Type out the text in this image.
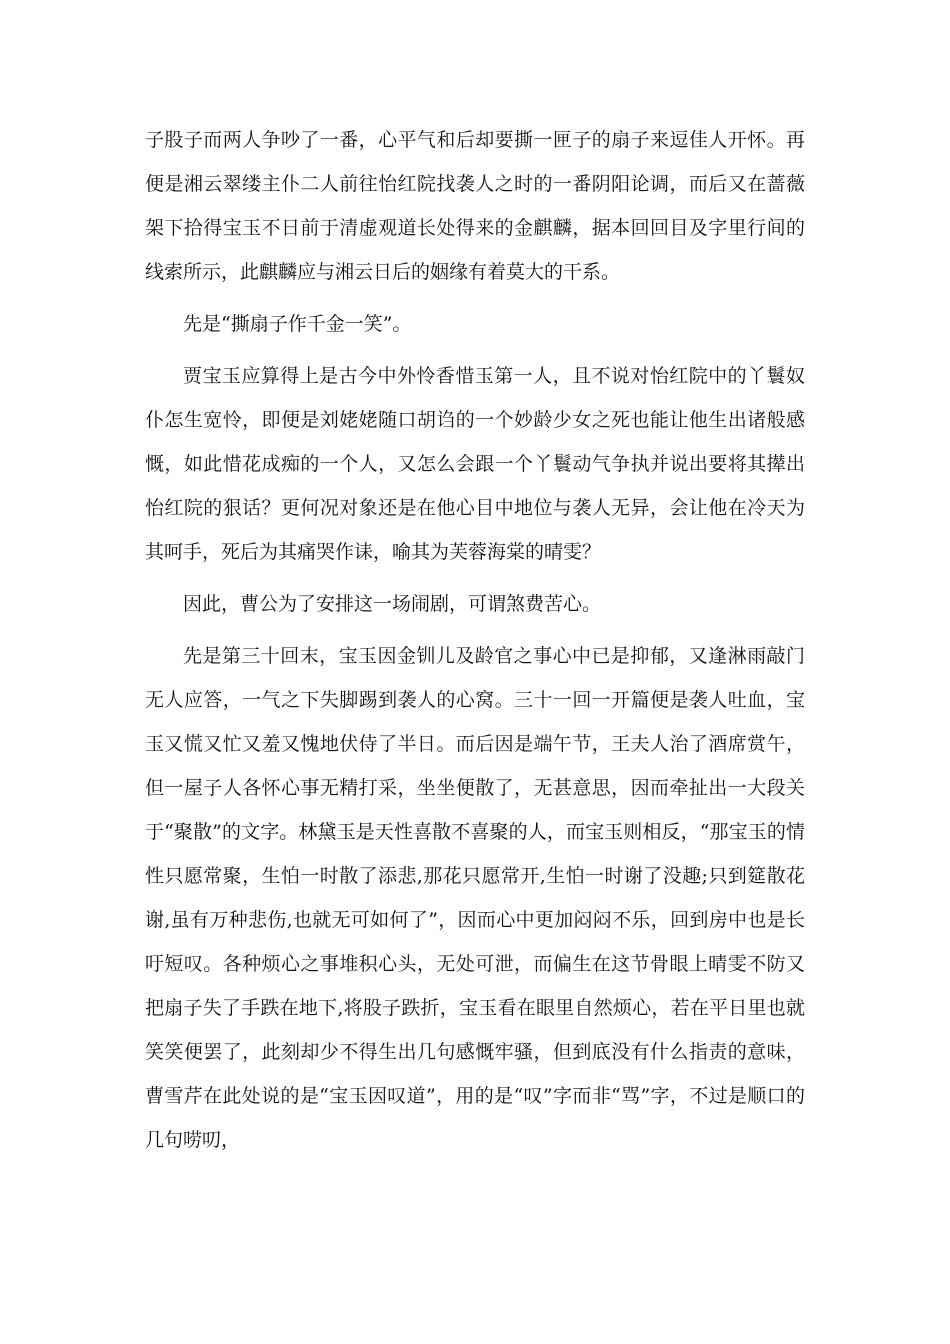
子股子而两人争吵了一番，心平气和后却要撕一匣子的扇子来逗佳人开怀。再便是湘云翠缕主仆二人前往怡红院找袭人之时的一番阴阳论调，而后又在蔷薇架下拾得宝玉不日前于清虚观道长处得来的金麒麟，据本回回目及字里行间的线索所示，此麒麟应与湘云日后的姻缘有着莫大的干系。

先是“撕扇子作千金一笑”。

贾宝玉应算得上是古今中外怜香惜玉第一人，且不说对怡红院中的丫鬟奴仆怎生宽怜，即便是刘姥姥随口胡诌的一个妙龄少女之死也能让他生出诸般感慨，如此惜花成痴的一个人，又怎么会跟一个丫鬟动气争执并说出要将其撵出怡红院的狠话？更何况对象还是在他心目中地位与袭人无异，会让他在冷天为其呵手，死后为其痛哭作诔，喻其为芙蓉海棠的晴雯？

因此，曹公为了安排这一场闹剧，可谓煞费苦心。

先是第三十回末，宝玉因金钏儿及龄官之事心中已是抑郁，又逢淋雨敲门无人应答，一气之下失脚踢到袭人的心窝。三十一回一开篇便是袭人吐血，宝玉又慌又忙又羞又愧地伏侍了半日。而后因是端午节，王夫人治了酒席赏午，但一屋子人各怀心事无精打采，坐坐便散了，无甚意思，因而牵扯出一大段关于“聚散”的文字。林黛玉是天性喜散不喜聚的人，而宝玉则相反，“那宝玉的情性只愿常聚，生怕一时散了添悲,那花只愿常开,生怕一时谢了没趣;只到筵散花谢,虽有万种悲伤,也就无可如何了”，因而心中更加闷闷不乐，回到房中也是长吁短叹。各种烦心之事堆积心头，无处可泄，而偏生在这节骨眼上晴雯不防又把扇子失了手跌在地下,将股子跌折，宝玉看在眼里自然烦心，若在平日里也就笑笑便罢了，此刻却少不得生出几句感慨牢骚，但到底没有什么指责的意味，曹雪芹在此处说的是“宝玉因叹道”，用的是“叹”字而非“骂”字，不过是顺口的几句唠叨，
